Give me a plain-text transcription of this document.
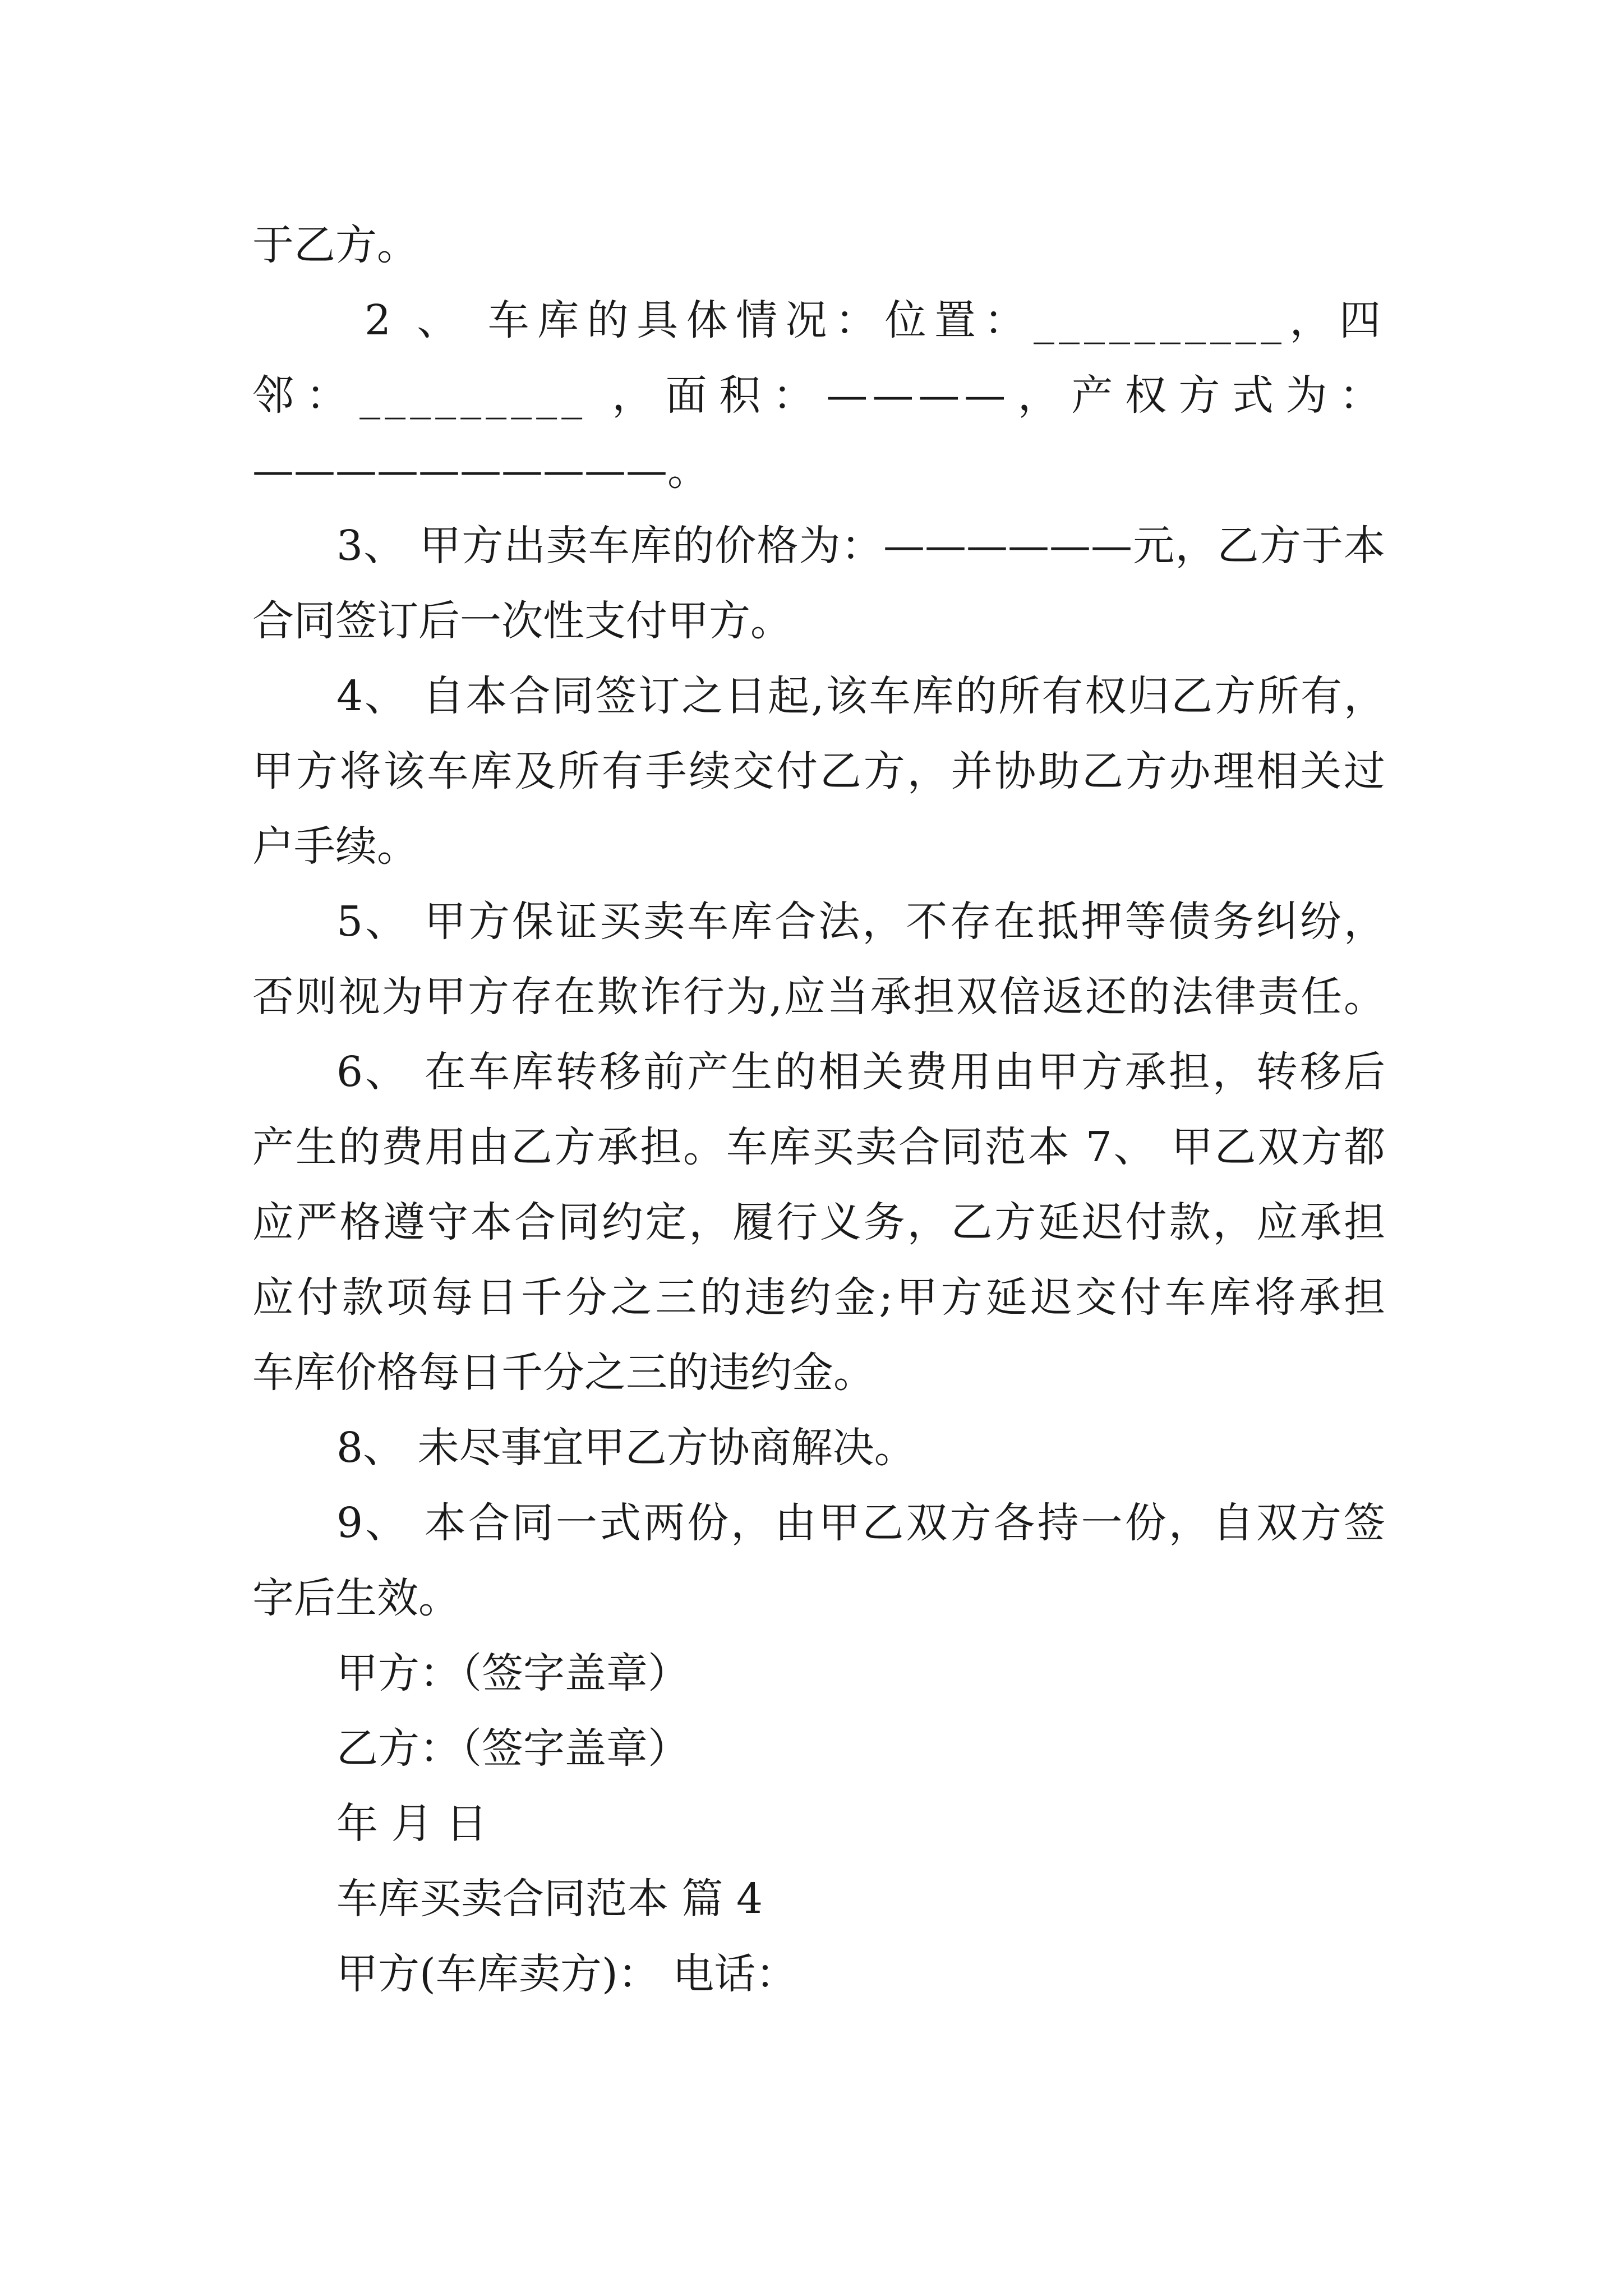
于乙方。
2 、 车库的具体情况：位置：__________，四
邻：_________ ，面积：————，产权方式为：
——————————。
3、 甲方出卖车库的价格为：——————元，乙方于本
合同签订后一次性支付甲方。
4、 自本合同签订之日起,该车库的所有权归乙方所有，
甲方将该车库及所有手续交付乙方，并协助乙方办理相关过
户手续。
5、 甲方保证买卖车库合法，不存在抵押等债务纠纷，
否则视为甲方存在欺诈行为,应当承担双倍返还的法律责任。
6、 在车库转移前产生的相关费用由甲方承担，转移后
产生的费用由乙方承担。车库买卖合同范本 7、 甲乙双方都
应严格遵守本合同约定，履行义务，乙方延迟付款，应承担
应付款项每日千分之三的违约金;甲方延迟交付车库将承担
车库价格每日千分之三的违约金。
8、 未尽事宜甲乙方协商解决。
9、 本合同一式两份，由甲乙双方各持一份，自双方签
字后生效。
甲方：（签字盖章）
乙方：（签字盖章）
年 月 日
车库买卖合同范本 篇 4
甲方(车库卖方)： 电话：
